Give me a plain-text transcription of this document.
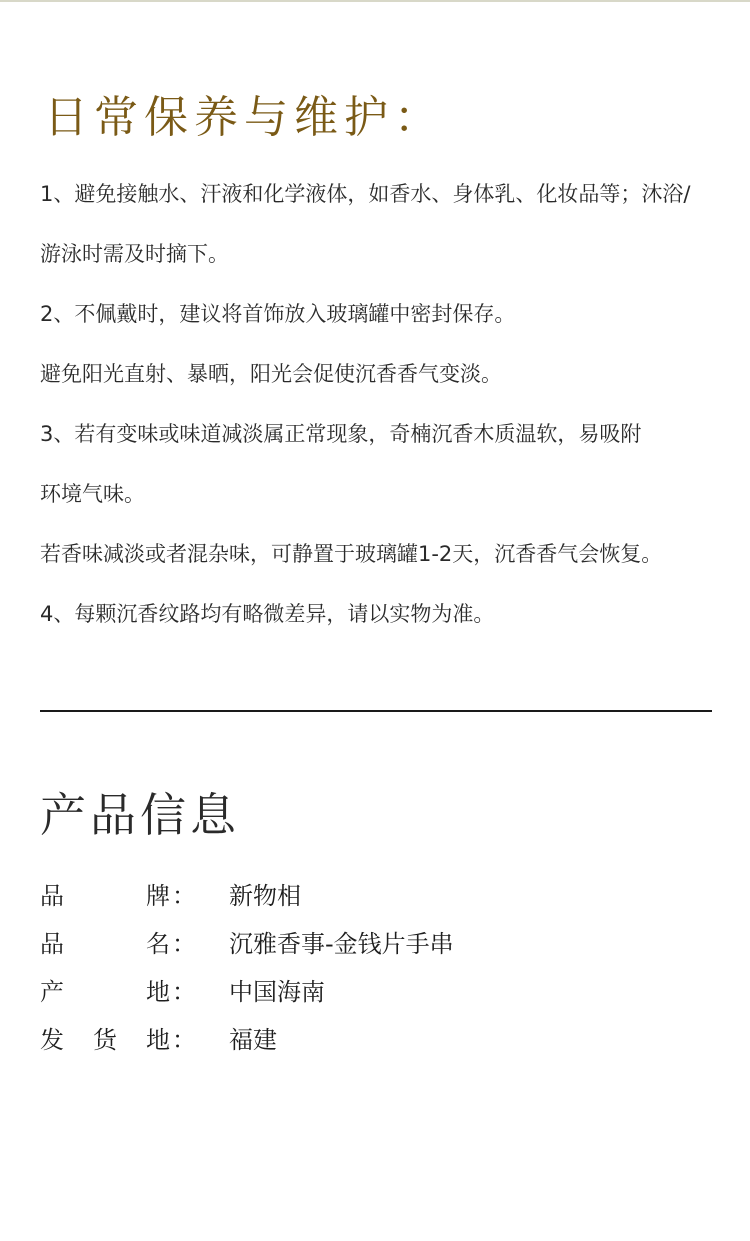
日常保养与维护：
1、避免接触水、汗液和化学液体，如香水、身体乳、化妆品等；沐浴/
游泳时需及时摘下。
2、不佩戴时，建议将首饰放入玻璃罐中密封保存。
避免阳光直射、暴晒，阳光会促使沉香香气变淡。
3、若有变味或味道减淡属正常现象，奇楠沉香木质温软，易吸附
环境气味。
若香味减淡或者混杂味，可静置于玻璃罐1-2天，沉香香气会恢复。
4、每颗沉香纹路均有略微差异，请以实物为准。
产品信息
品	牌 ： 新物相
品	名 ： 沉雅香事-金钱片手串
产	地 ： 中国海南
发 货 地 ： 福建
